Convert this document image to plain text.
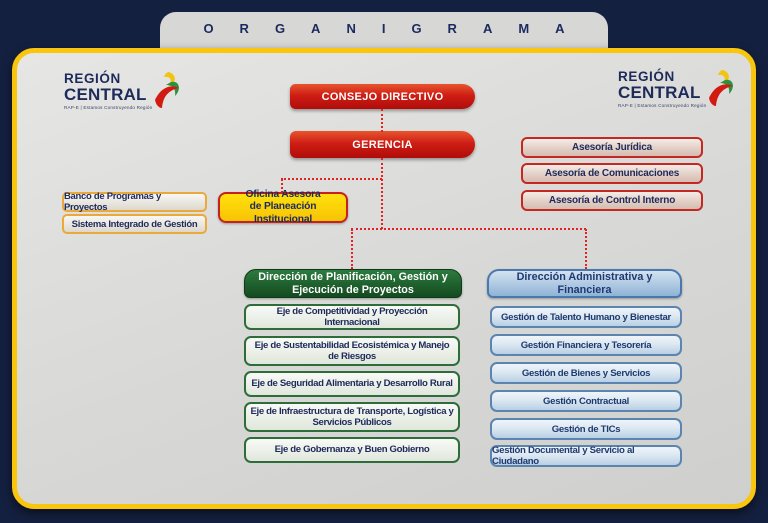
ORGANIGRAMA
REGIÓN
CENTRAL
RAP-E | Estamos Construyendo Región
REGIÓN
CENTRAL
RAP-E | Estamos Construyendo Región
CONSEJO DIRECTIVO
GERENCIA
Banco de Programas y Proyectos
Sistema Integrado de Gestión
Oficina Asesora
de Planeación Institucional
Asesoría Jurídica
Asesoría de Comunicaciones
Asesoría de Control Interno
Dirección de Planificación, Gestión y Ejecución de Proyectos
Eje de Competitividad y Proyección Internacional
Eje de Sustentabilidad Ecosistémica y Manejo de Riesgos
Eje de Seguridad Alimentaria y Desarrollo Rural
Eje de Infraestructura de Transporte, Logística y Servicios Públicos
Eje de Gobernanza y Buen Gobierno
Dirección Administrativa y Financiera
Gestión de Talento Humano y Bienestar
Gestión Financiera y Tesorería
Gestión de Bienes y Servicios
Gestión Contractual
Gestión de TICs
Gestión Documental y Servicio al Ciudadano
